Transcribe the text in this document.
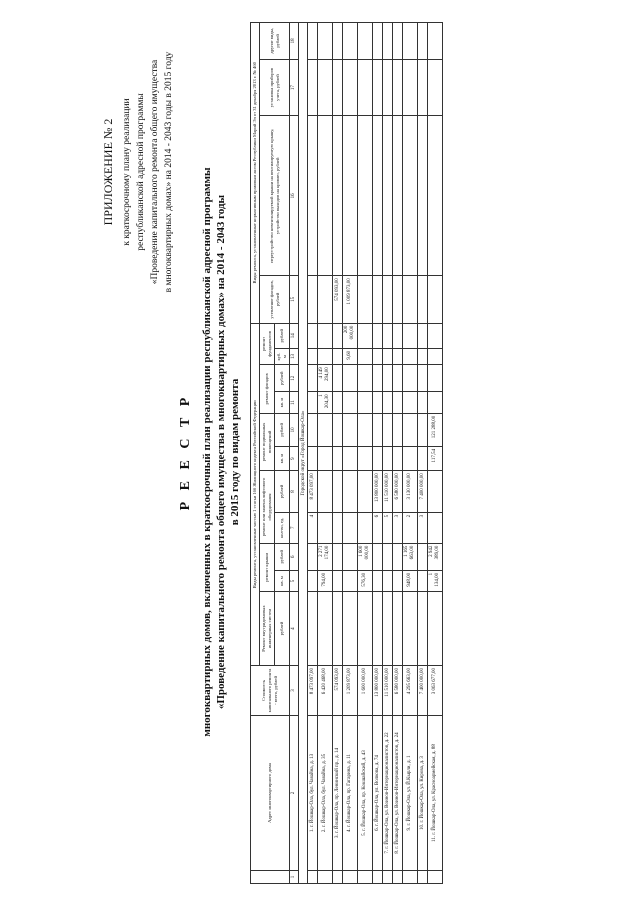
ПРИЛОЖЕНИЕ № 2 к краткосрочному плану реализации республиканской адресной программы «Проведение капитального ремонта общего имущества в многоквартирных домах» на 2014 - 2043 годы в 2015 году
Р Е Е С Т Р многоквартирных домов, включенных в краткосрочный план реализации республиканской адресной программы «Проведение капитального ремонта общего имущества в многоквартирных домах» на 2014 - 2043 годы в 2015 году по видам ремонта
	Адрес многоквартирного дома	Стоимость капитального ремонта - всего, рублей	Виды ремонта, установленные частью 1 статьи 166 Жилищного кодекса Российской Федерации											Виды ремонта, установленные нормативным правовым актом Республики Марий Эл от 31 декабря 2013 г. № 460			
			Ремонт внутридомовых инженерных систем	ремонт крыши		ремонт или замена лифтового оборудования		ремонт подвальных помещений		ремонт фасадов		ремонт фундаментов		утепление фасадов, рублей	переустройство невентилируемой крыши на вентилируемую крышу, устройство выходов на кровлю, рублей	установка приборов учета, рублей	другие виды, рублей
			рублей	кв. м	рублей	кол-во, ед.	рублей	кв. м	рублей	кв. м	рублей	куб. м	рублей				
1	2	3	4	5	6	7	8	9	10	11	12	13	14	15	16	17	18
Городской округ «Город Йошкар-Ола»																	
	1. г. Йошкар-Ола, бул. Чавайна, д. 13	8 473 097,00				4	8 473 097,00										
	2. г. Йошкар-Ола, бул. Чавайна, д. 35	6 420 468,00		794,00	2 271 174,00					1 204,30	4 149 294,00						
	3. г. Йошкар-Ола, пр. Ленинский пр., д. 14	574 093,00												574 093,00			
	4. г. Йошкар-Ола, пр. Гагарина, д. 11	1 209 873,00										9,60	200 000,00	1 009 873,00			
	5. г. Йошкар-Ола, пр. Кокшайский, д. 43	1 600 000,00		576,30	1 600 000,00												
	6. г. Йошкар-Ола, ул. Волкова, д. 74	13 800 000,00				6	13 800 000,00										
	7. г. Йошкар-Ола, ул. Воинов-Интернационалистов, д. 22	11 510 000,00				5	11 510 000,00										
	8. г. Йошкар-Ола, ул. Воинов-Интернационалистов, д. 24	6 580 000,00				3	6 580 000,00										
	9. г. Йошкар-Ола, ул. Й.Кырли, д. 1	4 295 663,00		948,00	1 165 663,00	2	3 130 000,00										
	10. г. Йошкар-Ола, ул. Кирова, д. 3	7 400 000,00				3	7 400 000,00										
	11. г. Йошкар-Ола, ул. Красноармейская, д. 88	3 063 677,00		1 134,00	2 942 389,00			117,54	121 288,00								
